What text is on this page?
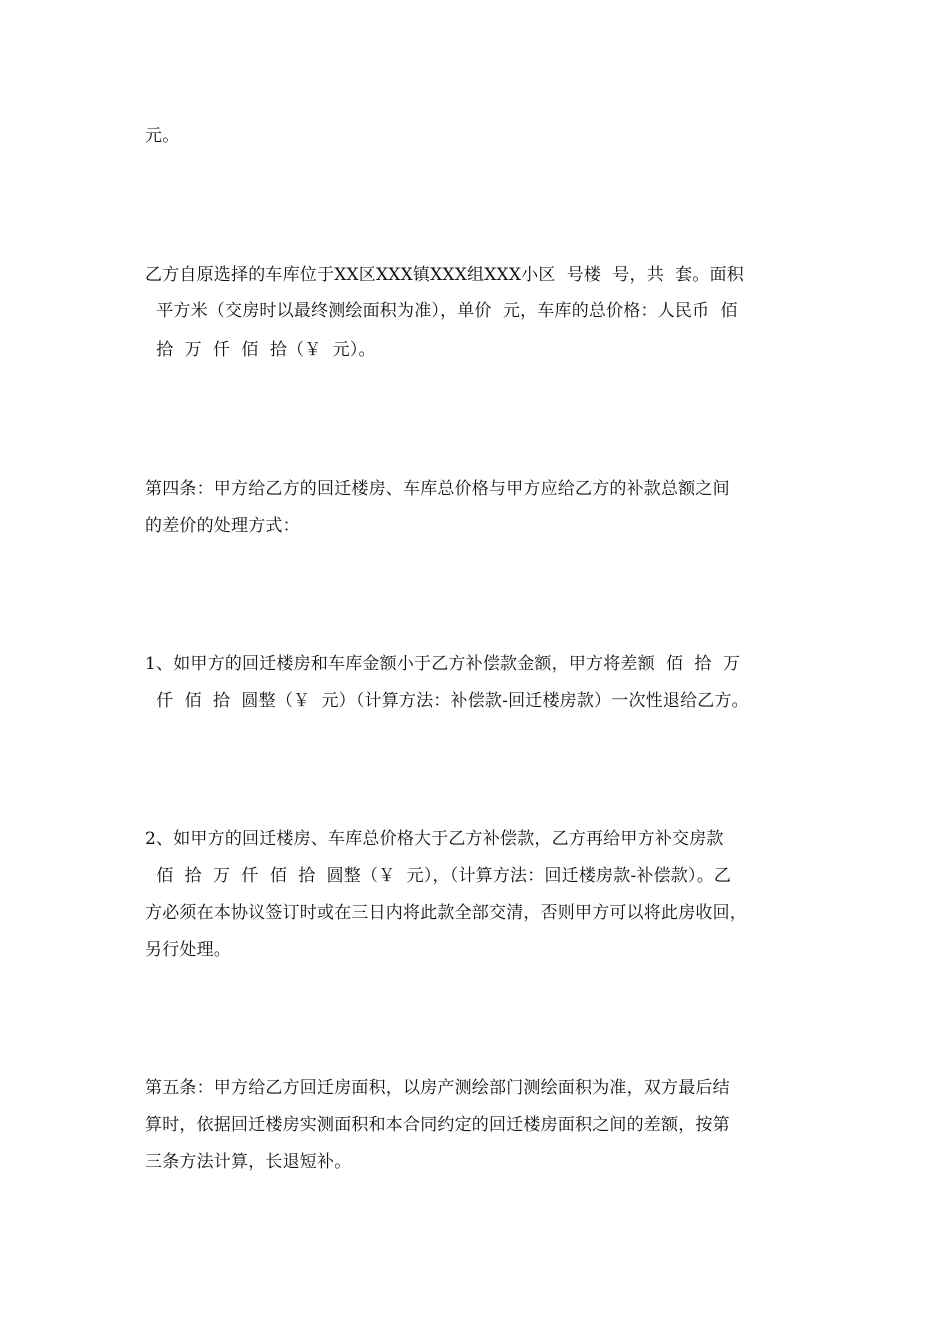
元。
乙方自原选择的车库位于XX区XXX镇XXX组XXX小区  号楼  号，共  套。面积
平方米（交房时以最终测绘面积为准），单价  元，车库的总价格：人民币  佰
拾  万  仟  佰  拾（￥  元）。
第四条：甲方给乙方的回迁楼房、车库总价格与甲方应给乙方的补款总额之间
的差价的处理方式：
1、如甲方的回迁楼房和车库金额小于乙方补偿款金额，甲方将差额  佰  拾  万
仟  佰  拾  圆整（￥  元）（计算方法：补偿款-回迁楼房款）一次性退给乙方。
2、如甲方的回迁楼房、车库总价格大于乙方补偿款，乙方再给甲方补交房款
佰  拾  万  仟  佰  拾  圆整（￥  元），（计算方法：回迁楼房款-补偿款）。乙
方必须在本协议签订时或在三日内将此款全部交清，否则甲方可以将此房收回，
另行处理。
第五条：甲方给乙方回迁房面积，以房产测绘部门测绘面积为准，双方最后结
算时，依据回迁楼房实测面积和本合同约定的回迁楼房面积之间的差额，按第
三条方法计算，长退短补。
